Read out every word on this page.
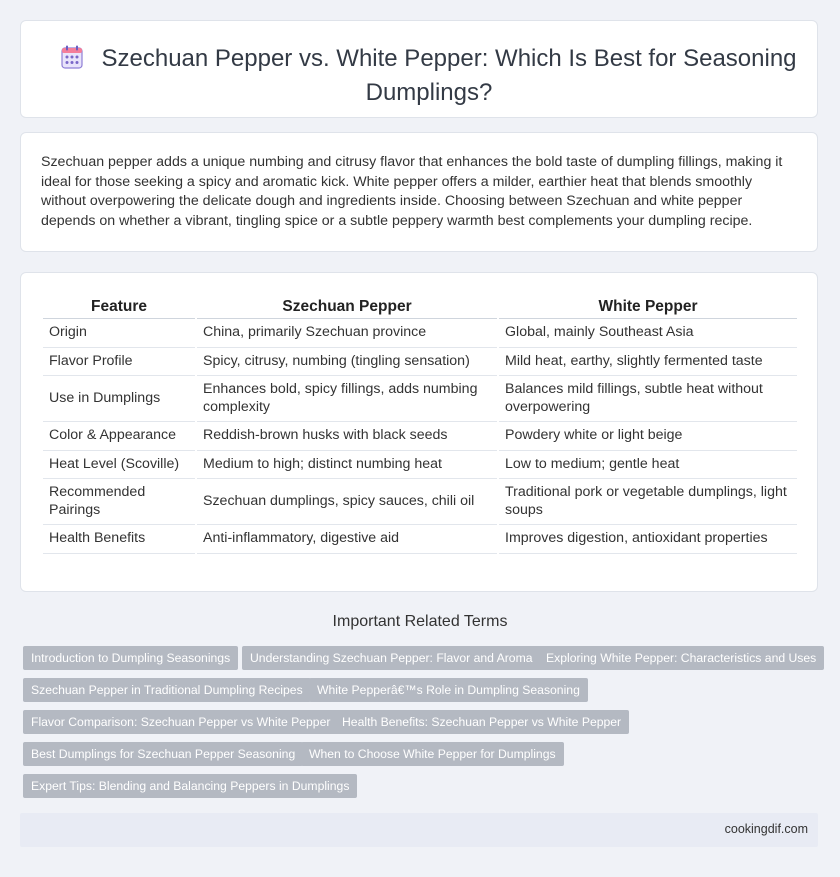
Szechuan Pepper vs. White Pepper: Which Is Best for Seasoning Dumplings?

Szechuan pepper adds a unique numbing and citrusy flavor that enhances the bold taste of dumpling fillings, making it ideal for those seeking a spicy and aromatic kick. White pepper offers a milder, earthier heat that blends smoothly without overpowering the delicate dough and ingredients inside. Choosing between Szechuan and white pepper depends on whether a vibrant, tingling spice or a subtle peppery warmth best complements your dumpling recipe.

Feature	Szechuan Pepper	White Pepper
Origin	China, primarily Szechuan province	Global, mainly Southeast Asia
Flavor Profile	Spicy, citrusy, numbing (tingling sensation)	Mild heat, earthy, slightly fermented taste
Use in Dumplings	Enhances bold, spicy fillings, adds numbing complexity	Balances mild fillings, subtle heat without overpowering
Color & Appearance	Reddish-brown husks with black seeds	Powdery white or light beige
Heat Level (Scoville)	Medium to high; distinct numbing heat	Low to medium; gentle heat
Recommended Pairings	Szechuan dumplings, spicy sauces, chili oil	Traditional pork or vegetable dumplings, light soups
Health Benefits	Anti-inflammatory, digestive aid	Improves digestion, antioxidant properties
Important Related Terms
Introduction to Dumpling Seasonings	Understanding Szechuan Pepper: Flavor and Aroma	Exploring White Pepper: Characteristics and Uses
Szechuan Pepper in Traditional Dumpling Recipes	White Pepperâ€™s Role in Dumpling Seasoning
Flavor Comparison: Szechuan Pepper vs White Pepper Health Benefits: Szechuan Pepper vs White Pepper
Best Dumplings for Szechuan Pepper Seasoning	When to Choose White Pepper for Dumplings
Expert Tips: Blending and Balancing Peppers in Dumplings
cookingdif.com
